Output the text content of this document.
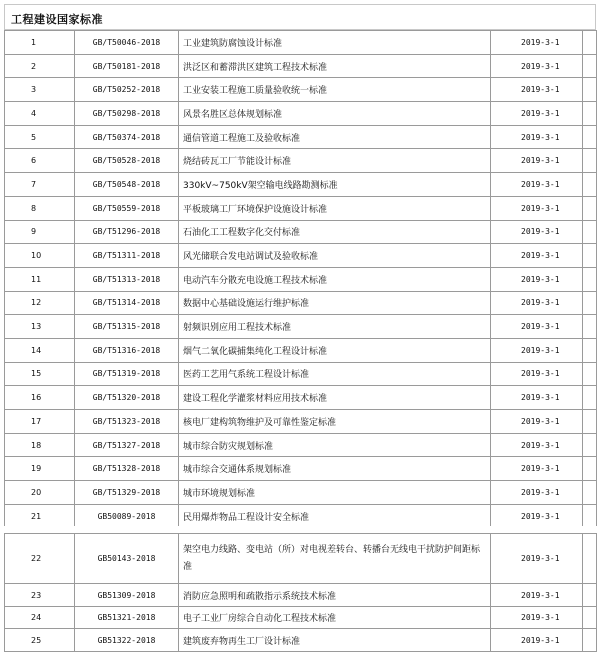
工程建设国家标准
1	GB/T50046-2018	工业建筑防腐蚀设计标准	2019-3-1	
2	GB/T50181-2018	洪泛区和蓄滞洪区建筑工程技术标准	2019-3-1	
3	GB/T50252-2018	工业安装工程施工质量验收统一标准	2019-3-1	
4	GB/T50298-2018	风景名胜区总体规划标准	2019-3-1	
5	GB/T50374-2018	通信管道工程施工及验收标准	2019-3-1	
6	GB/T50528-2018	烧结砖瓦工厂节能设计标准	2019-3-1	
7	GB/T50548-2018	330kV~750kV架空输电线路勘测标准	2019-3-1	
8	GB/T50559-2018	平板玻璃工厂环境保护设施设计标准	2019-3-1	
9	GB/T51296-2018	石油化工工程数字化交付标准	2019-3-1	
10	GB/T51311-2018	风光储联合发电站调试及验收标准	2019-3-1	
11	GB/T51313-2018	电动汽车分散充电设施工程技术标准	2019-3-1	
12	GB/T51314-2018	数据中心基础设施运行维护标准	2019-3-1	
13	GB/T51315-2018	射频识别应用工程技术标准	2019-3-1	
14	GB/T51316-2018	烟气二氧化碳捕集纯化工程设计标准	2019-3-1	
15	GB/T51319-2018	医药工艺用气系统工程设计标准	2019-3-1	
16	GB/T51320-2018	建设工程化学灌浆材料应用技术标准	2019-3-1	
17	GB/T51323-2018	核电厂建构筑物维护及可靠性鉴定标准	2019-3-1	
18	GB/T51327-2018	城市综合防灾规划标准	2019-3-1	
19	GB/T51328-2018	城市综合交通体系规划标准	2019-3-1	
20	GB/T51329-2018	城市环境规划标准	2019-3-1	
21	GB50089-2018	民用爆炸物品工程设计安全标准	2019-3-1	
22	GB50143-2018	架空电力线路、变电站（所）对电视差转台、转播台无线电干扰防护间距标准	2019-3-1	
23	GB51309-2018	消防应急照明和疏散指示系统技术标准	2019-3-1	
24	GB51321-2018	电子工业厂房综合自动化工程技术标准	2019-3-1	
25	GB51322-2018	建筑废弃物再生工厂设计标准	2019-3-1	
